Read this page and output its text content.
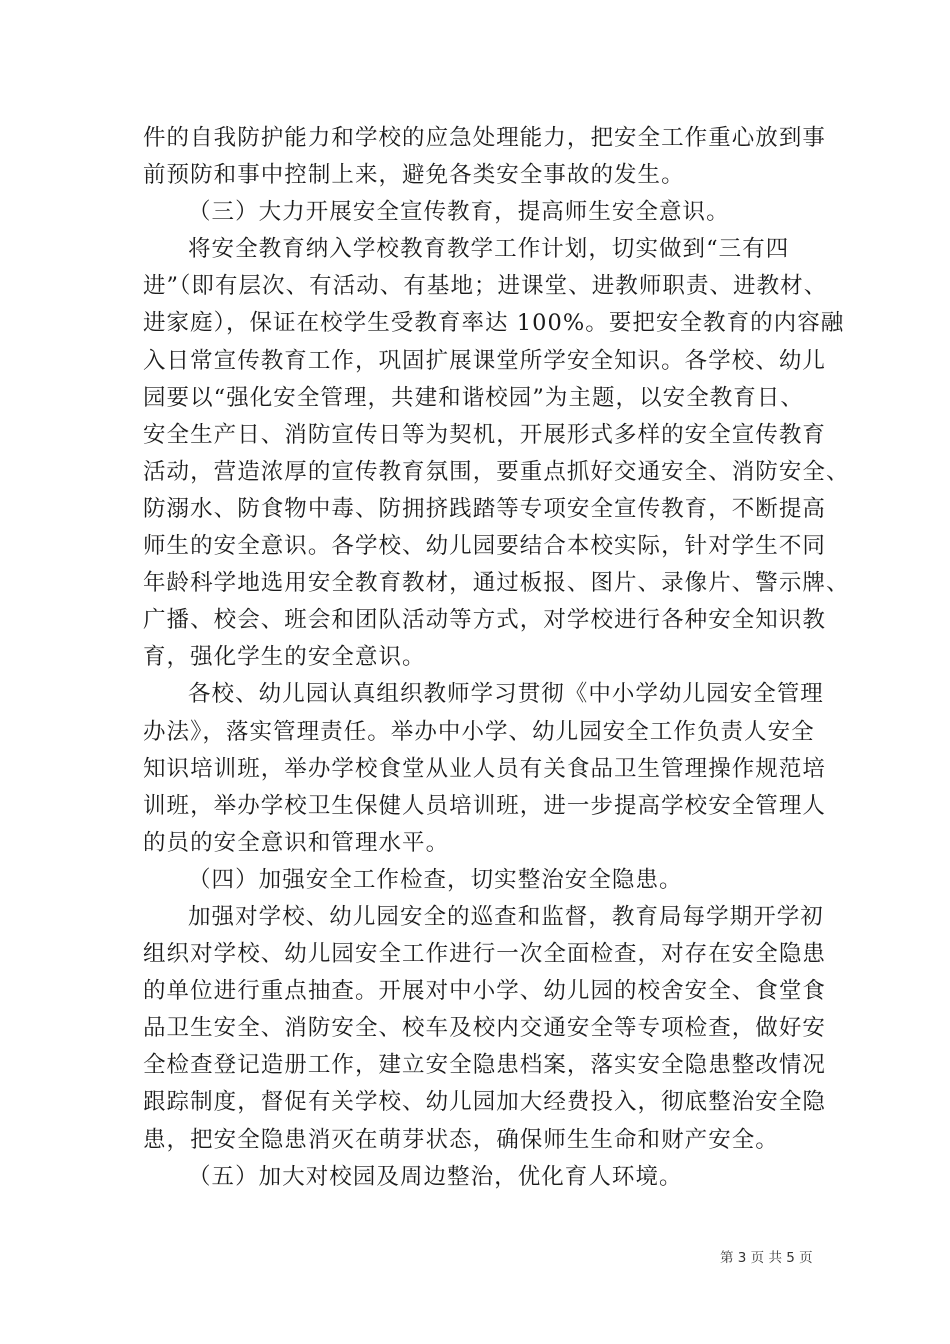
件的自我防护能力和学校的应急处理能力，把安全工作重心放到事
前预防和事中控制上来，避免各类安全事故的发生。
（三）大力开展安全宣传教育，提高师生安全意识。
将安全教育纳入学校教育教学工作计划，切实做到“三有四
进”（即有层次、有活动、有基地；进课堂、进教师职责、进教材、
进家庭），保证在校学生受教育率达 100%。要把安全教育的内容融
入日常宣传教育工作，巩固扩展课堂所学安全知识。各学校、幼儿
园要以“强化安全管理，共建和谐校园”为主题，以安全教育日、
安全生产日、消防宣传日等为契机，开展形式多样的安全宣传教育
活动，营造浓厚的宣传教育氛围，要重点抓好交通安全、消防安全、
防溺水、防食物中毒、防拥挤践踏等专项安全宣传教育，不断提高
师生的安全意识。各学校、幼儿园要结合本校实际，针对学生不同
年龄科学地选用安全教育教材，通过板报、图片、录像片、警示牌、
广播、校会、班会和团队活动等方式，对学校进行各种安全知识教
育，强化学生的安全意识。
各校、幼儿园认真组织教师学习贯彻《中小学幼儿园安全管理
办法》，落实管理责任。举办中小学、幼儿园安全工作负责人安全
知识培训班，举办学校食堂从业人员有关食品卫生管理操作规范培
训班，举办学校卫生保健人员培训班，进一步提高学校安全管理人
的员的安全意识和管理水平。
（四）加强安全工作检查，切实整治安全隐患。
加强对学校、幼儿园安全的巡查和监督，教育局每学期开学初
组织对学校、幼儿园安全工作进行一次全面检查，对存在安全隐患
的单位进行重点抽查。开展对中小学、幼儿园的校舍安全、食堂食
品卫生安全、消防安全、校车及校内交通安全等专项检查，做好安
全检查登记造册工作，建立安全隐患档案，落实安全隐患整改情况
跟踪制度，督促有关学校、幼儿园加大经费投入，彻底整治安全隐
患，把安全隐患消灭在萌芽状态，确保师生生命和财产安全。
（五）加大对校园及周边整治，优化育人环境。
第 3 页 共 5 页
